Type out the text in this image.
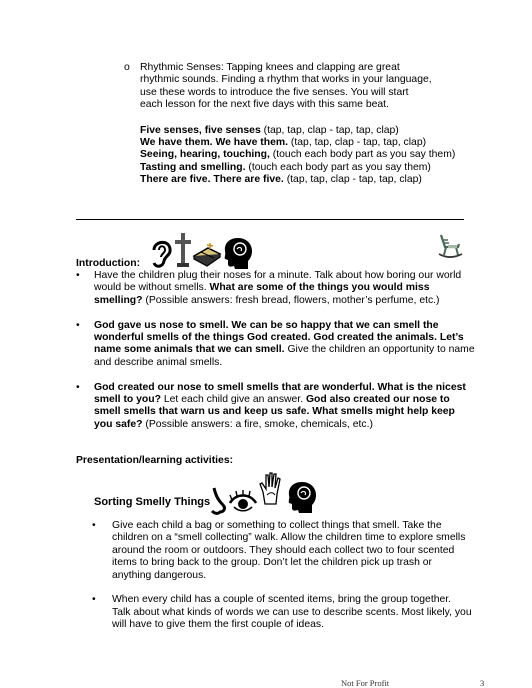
o Rhythmic Senses: Tapping knees and clapping are great
rhythmic sounds. Finding a rhythm that works in your language,
use these words to introduce the five senses. You will start
each lesson for the next five days with this same beat.
Five senses, five senses (tap, tap, clap - tap, tap, clap)
We have them. We have them. (tap, tap, clap - tap, tap, clap)
Seeing, hearing, touching, (touch each body part as you say them)
Tasting and smelling. (touch each body part as you say them)
There are five. There are five. (tap, tap, clap - tap, tap, clap)
Introduction:
• Have the children plug their noses for a minute. Talk about how boring our world would be without smells. What are some of the things you would miss smelling? (Possible answers: fresh bread, flowers, mother’s perfume, etc.)
• God gave us nose to smell. We can be so happy that we can smell the wonderful smells of the things God created. God created the animals. Let’s name some animals that we can smell. Give the children an opportunity to name and describe animal smells.
• God created our nose to smell smells that are wonderful. What is the nicest smell to you? Let each child give an answer. God also created our nose to smell smells that warn us and keep us safe. What smells might help keep you safe? (Possible answers: a fire, smoke, chemicals, etc.)
Presentation/learning activities:
Sorting Smelly Things
• Give each child a bag or something to collect things that smell. Take the children on a “smell collecting” walk. Allow the children time to explore smells around the room or outdoors. They should each collect two to four scented items to bring back to the group. Don’t let the children pick up trash or anything dangerous.
• When every child has a couple of scented items, bring the group together. Talk about what kinds of words we can use to describe scents. Most likely, you will have to give them the first couple of ideas.
Not For Profit	3
